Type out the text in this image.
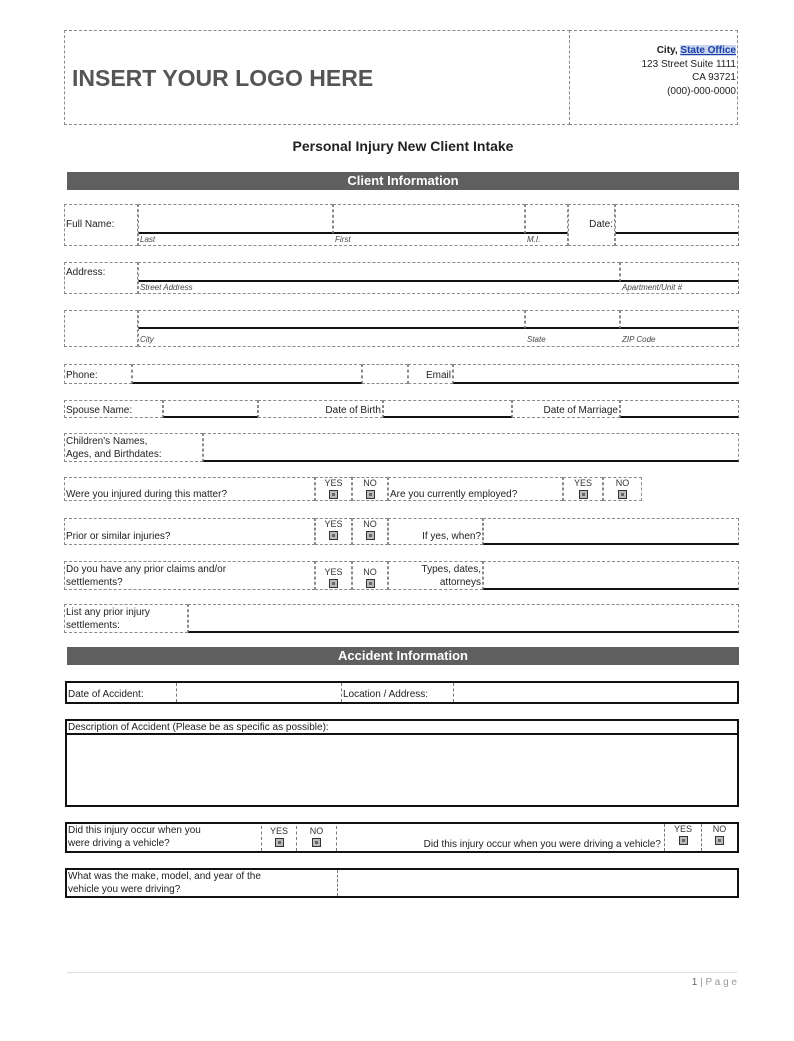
INSERT YOUR LOGO HERE
City, State Office
123 Street Suite 1111
CA 93721
(000)-000-0000
Personal Injury New Client Intake
Client Information
Full Name:
Last	First	M.I.
Date:
Address:
Street Address	Apartment/Unit #
City	State	ZIP Code
Phone:	Email
Spouse Name:	Date of Birth	Date of Marriage
Children's Names,
Ages, and Birthdates:
Were you injured during this matter?
YES	NO
Are you currently employed?
YES	NO
Prior or similar injuries?
YES	NO
If yes, when?
Do you have any prior claims and/or
settlements?
YES	NO	Types, dates,
attorneys
List any prior injury
settlements:
Accident Information
Date of Accident:	Location / Address:
Description of Accident (Please be as specific as possible):
Did this injury occur when you
were driving a vehicle?
YES	NO
Did this injury occur when you were driving a vehicle?
YES	NO
What was the make, model, and year of the
vehicle you were driving?
1 | P a g e
